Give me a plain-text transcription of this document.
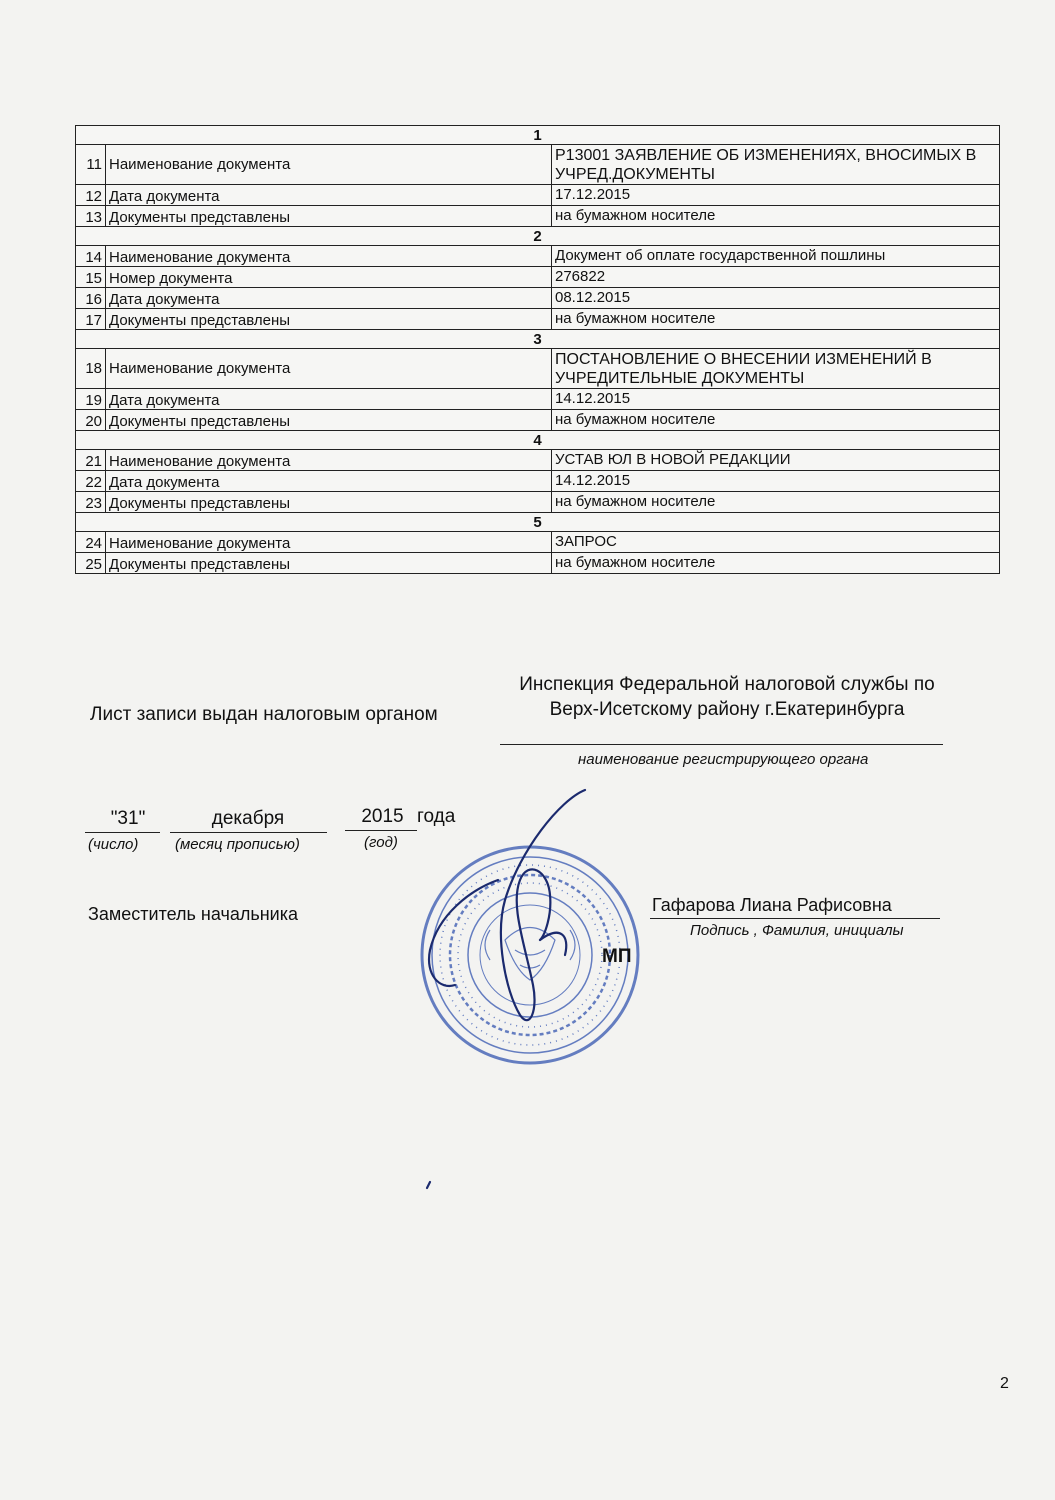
1		
11	Наименование документа	Р13001 ЗАЯВЛЕНИЕ ОБ ИЗМЕНЕНИЯХ, ВНОСИМЫХ В УЧРЕД.ДОКУМЕНТЫ
12	Дата документа	17.12.2015
13	Документы представлены	на бумажном носителе
2		
14	Наименование документа	Документ об оплате государственной пошлины
15	Номер документа	276822
16	Дата документа	08.12.2015
17	Документы представлены	на бумажном носителе
3		
18	Наименование документа	ПОСТАНОВЛЕНИЕ О ВНЕСЕНИИ ИЗМЕНЕНИЙ В УЧРЕДИТЕЛЬНЫЕ ДОКУМЕНТЫ
19	Дата документа	14.12.2015
20	Документы представлены	на бумажном носителе
4		
21	Наименование документа	УСТАВ ЮЛ В НОВОЙ РЕДАКЦИИ
22	Дата документа	14.12.2015
23	Документы представлены	на бумажном носителе
5		
24	Наименование документа	ЗАПРОС
25	Документы представлены	на бумажном носителе
Лист записи выдан налоговым органом
Инспекция Федеральной налоговой службы по Верх-Исетскому району г.Екатеринбурга
наименование регистрирующего органа
"31"
(число)
декабря
(месяц прописью)
2015 года
(год)
Заместитель начальника	Гафарова Лиана Рафисовна
Подпись , Фамилия, инициалы
МП
2
